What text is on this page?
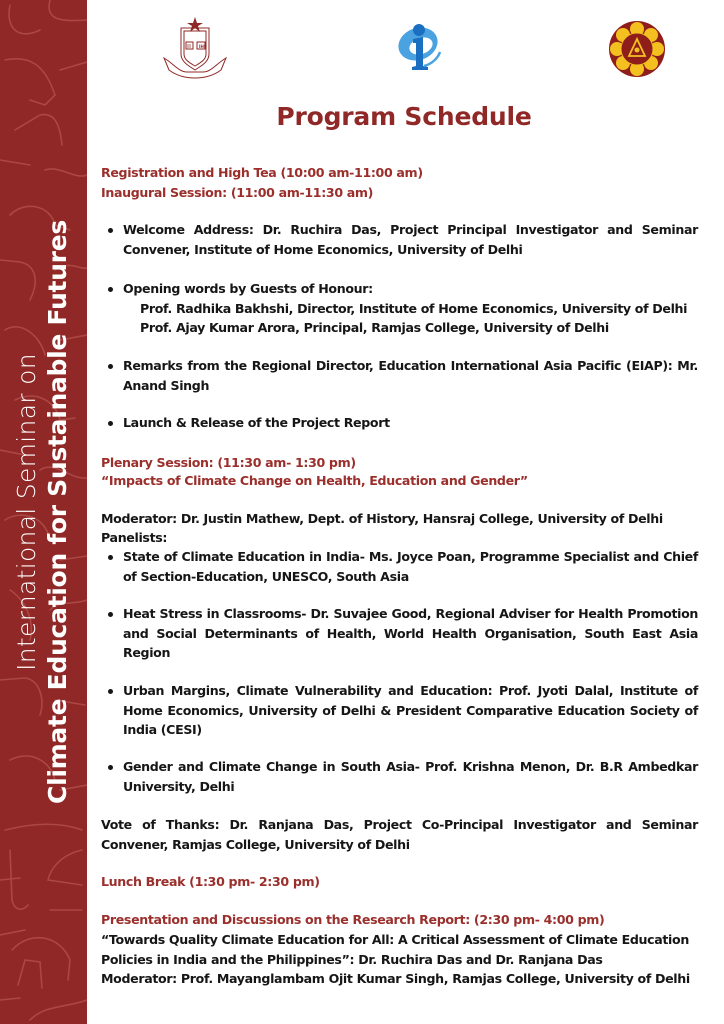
International Seminar on Climate Education for Sustainable Futures
IHE
Program Schedule
Registration and High Tea (10:00 am-11:00 am)
Inaugural Session: (11:00 am-11:30 am)
Welcome Address: Dr. Ruchira Das, Project Principal Investigator and Seminar Convener, Institute of Home Economics, University of Delhi
Opening words by Guests of Honour:
Prof. Radhika Bakhshi, Director, Institute of Home Economics, University of Delhi
Prof. Ajay Kumar Arora, Principal, Ramjas College, University of Delhi
Remarks from the Regional Director, Education International Asia Pacific (EIAP): Mr. Anand Singh
Launch & Release of the Project Report
Plenary Session: (11:30 am- 1:30 pm)
“Impacts of Climate Change on Health, Education and Gender”
Moderator: Dr. Justin Mathew, Dept. of History, Hansraj College, University of Delhi
Panelists:
State of Climate Education in India- Ms. Joyce Poan, Programme Specialist and Chief of Section-Education, UNESCO, South Asia
Heat Stress in Classrooms- Dr. Suvajee Good, Regional Adviser for Health Promotion and Social Determinants of Health, World Health Organisation, South East Asia Region
Urban Margins, Climate Vulnerability and Education: Prof. Jyoti Dalal, Institute of Home Economics, University of Delhi & President Comparative Education Society of India (CESI)
Gender and Climate Change in South Asia- Prof. Krishna Menon, Dr. B.R Ambedkar University, Delhi
Vote of Thanks: Dr. Ranjana Das, Project Co-Principal Investigator and Seminar Convener, Ramjas College, University of Delhi
Lunch Break (1:30 pm- 2:30 pm)
Presentation and Discussions on the Research Report: (2:30 pm- 4:00 pm)
“Towards Quality Climate Education for All: A Critical Assessment of Climate Education Policies in India and the Philippines”: Dr. Ruchira Das and Dr. Ranjana Das
Moderator: Prof. Mayanglambam Ojit Kumar Singh, Ramjas College, University of Delhi
